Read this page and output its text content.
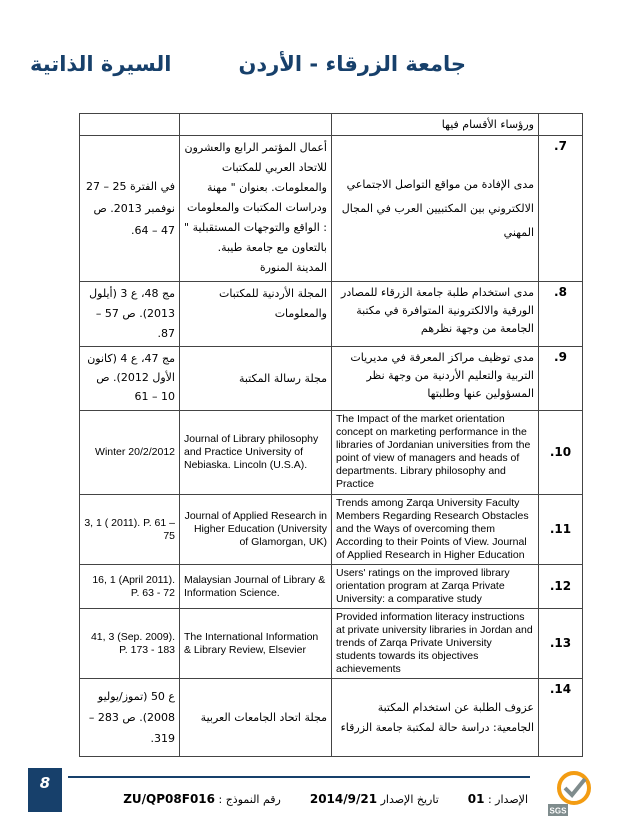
السيرة الذاتية	جامعة الزرقاء - الأردن
		ورؤساء الأقسام فيها	
في الفترة 25 – 27 نوفمبر 2013. ص 47 – 64.	أعمال المؤتمر الرابع والعشرون للاتحاد العربي للمكتبات والمعلومات. بعنوان " مهنة ودراسات المكتبات والمعلومات : الواقع والتوجهات المستقبلية " بالتعاون مع جامعة طيبة. المدينة المنورة	مدى الإفادة من مواقع التواصل الاجتماعي الالكتروني بين المكتبيين العرب في المجال المهني	.7
مج 48، ع 3 (أيلول 2013). ص 57 – 87.	المجلة الأردنية للمكتبات والمعلومات	مدى استخدام طلبة جامعة الزرقاء للمصادر الورقية والالكترونية المتوافرة في مكتبة الجامعة من وجهة نظرهم	.8
مج 47، ع 4 (كانون الأول 2012). ص 10 – 61	مجلة رسالة المكتبة	مدى توظيف مراكز المعرفة في مديريات التربية والتعليم الأردنية من وجهة نظر المسؤولين عنها وطلبتها	.9
Winter 20/2/2012	Journal of Library philosophy and Practice University of Nebiaska. Lincoln (U.S.A).	The Impact of the market orientation concept on marketing performance in the libraries of Jordanian universities from the point of view of managers and heads of departments. Library philosophy and Practice	.10
3, 1 ( 2011). P. 61 – 75	Journal of Applied Research in Higher Education (University of Glamorgan, UK)	Trends among Zarqa University Faculty Members Regarding Research Obstacles and the Ways of overcoming them According to their Points of View. Journal of Applied Research in Higher Education	.11
16, 1 (April 2011). P. 63 - 72	Malaysian Journal of Library & Information Science.	Users' ratings on the improved library orientation program at Zarqa Private University: a comparative study	.12
41, 3 (Sep. 2009). P. 173 - 183	The International Information & Library Review, Elsevier	Provided information literacy instructions at private university libraries in Jordan and trends of Zarqa Private University students towards its objectives achievements	.13
ع 50 (تموز/يوليو 2008). ص 283 – 319.	مجلة اتحاد الجامعات العربية	عزوف الطلبة عن استخدام المكتبة الجامعية: دراسة حالة لمكتبة جامعة الزرقاء	.14
8
الإصدار : 01  تاريخ الإصدار 2014/9/21  رقم النموذج : ZU/QP08F016
SGS
